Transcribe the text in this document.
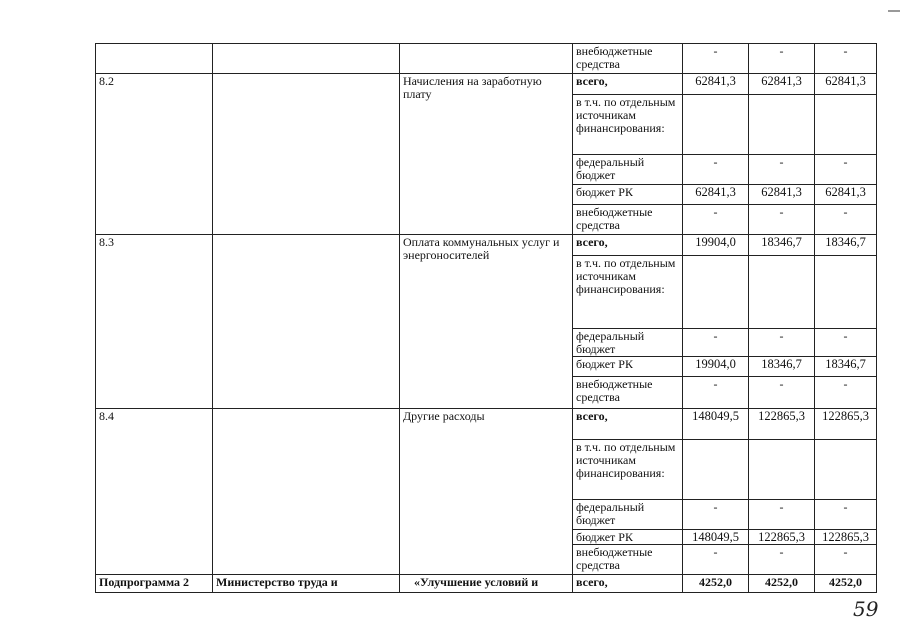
			внебюджетные средства	-	-	-
8.2		Начисления на заработную плату	всего,	62841,3	62841,3	62841,3
			в т.ч. по отдельным источникам финансирования:			
			федеральный бюджет	-	-	-
			бюджет РК	62841,3	62841,3	62841,3
			внебюджетные средства	-	-	-
8.3		Оплата коммунальных услуг и энергоносителей	всего,	19904,0	18346,7	18346,7
			в т.ч. по отдельным источникам финансирования:			
			федеральный бюджет	-	-	-
			бюджет РК	19904,0	18346,7	18346,7
			внебюджетные средства	-	-	-
8.4		Другие расходы	всего,	148049,5	122865,3	122865,3
			в т.ч. по отдельным источникам финансирования:			
			федеральный бюджет	-	-	-
			бюджет РК	148049,5	122865,3	122865,3
			внебюджетные средства	-	-	-
Подпрограмма 2	Министерство труда и	«Улучшение условий и	всего,	4252,0	4252,0	4252,0
59
